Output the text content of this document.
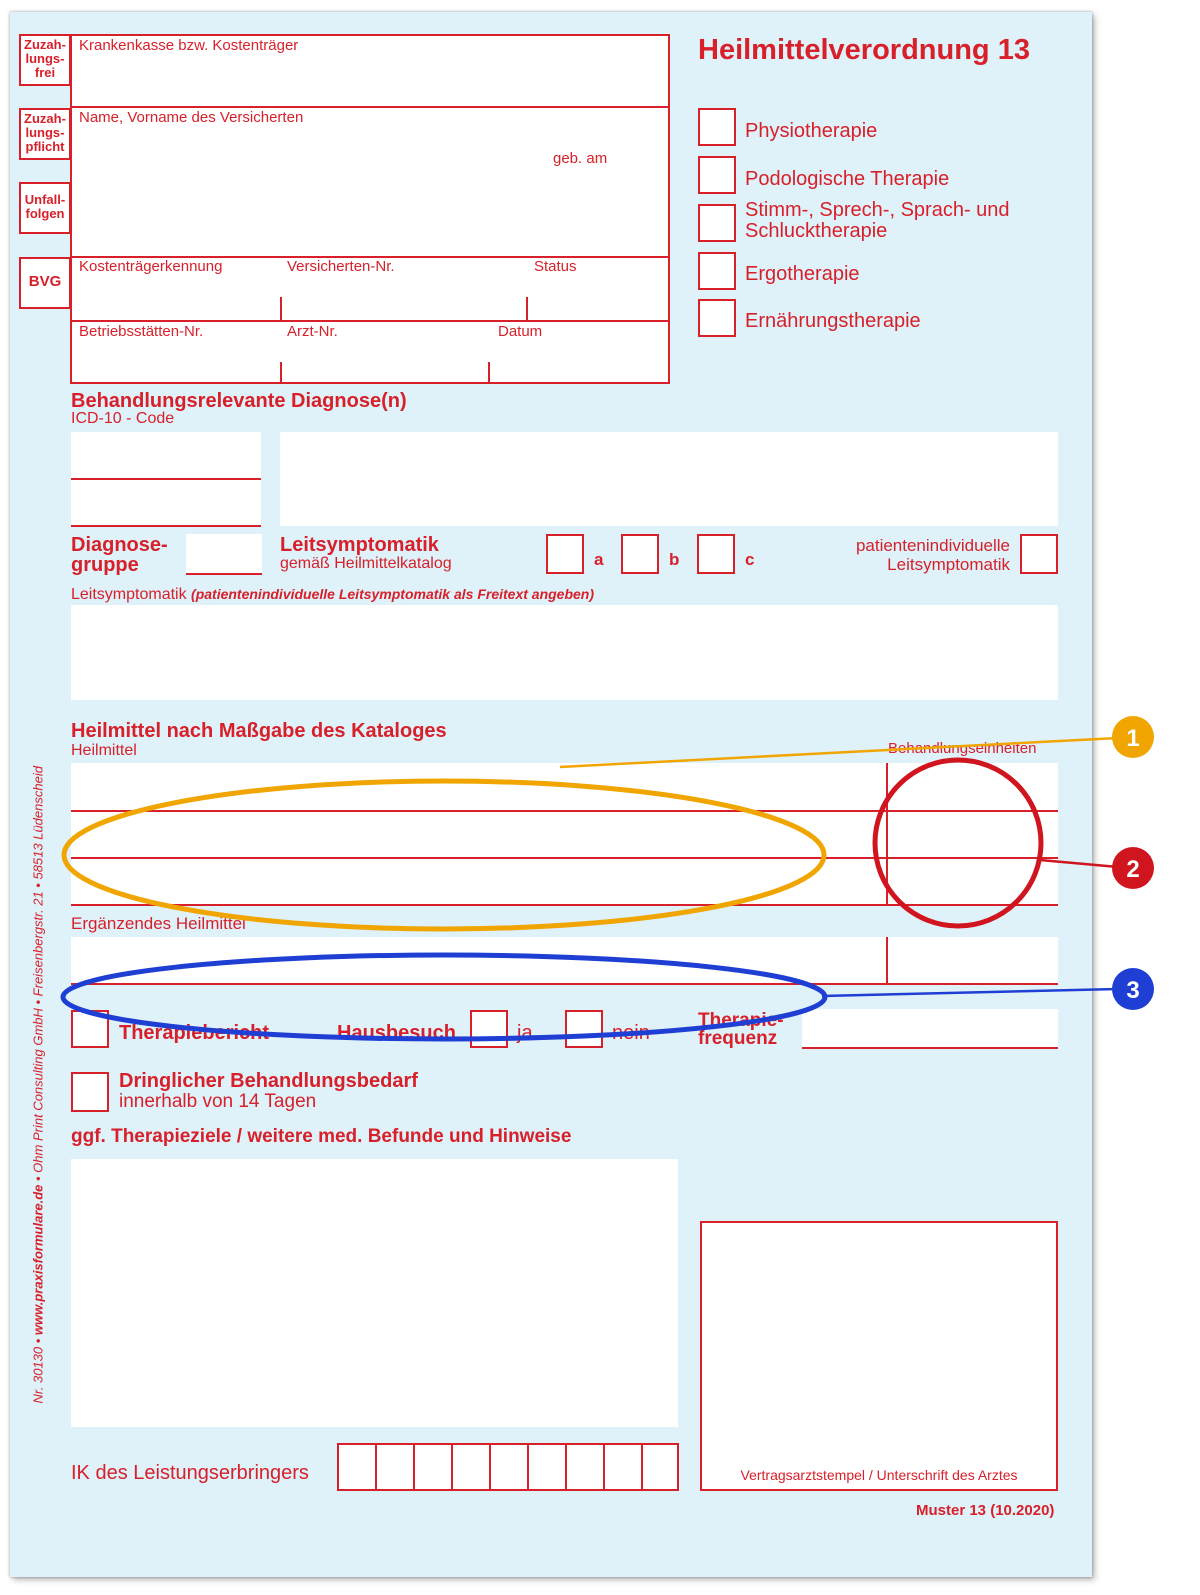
Zuzah-
lungs-
frei
Zuzah-
lungs-
pflicht
Unfall-
folgen
BVG
Krankenkasse bzw. Kostenträger
Name, Vorname des Versicherten
geb. am
Kostenträgerkennung	Versicherten-Nr.	Status
Betriebsstätten-Nr.	Arzt-Nr.	Datum
Heilmittelverordnung 13
Physiotherapie
Podologische Therapie
Stimm-, Sprech-, Sprach- und
Schlucktherapie
Ergotherapie
Ernährungstherapie
Behandlungsrelevante Diagnose(n)
ICD-10 - Code
Diagnose-
gruppe
Leitsymptomatik
gemäß Heilmittelkatalog	a	b	c
patientenindividuelle
Leitsymptomatik
Leitsymptomatik (patientenindividuelle Leitsymptomatik als Freitext angeben)
Heilmittel nach Maßgabe des Kataloges
Heilmittel	Behandlungseinheiten
Ergänzendes Heilmittel
Therapiebericht	Hausbesuch	ja	nein
Therapie-
frequenz
Dringlicher Behandlungsbedarf
innerhalb von 14 Tagen
ggf. Therapieziele / weitere med. Befunde und Hinweise
Vertragsarztstempel / Unterschrift des Arztes
IK des Leistungserbringers
Muster 13 (10.2020)
Nr. 30130 • www.praxisformulare.de • Ohm Print Consulting GmbH • Freisenbergstr. 21 • 58513 Lüdenscheid
1
2
3
